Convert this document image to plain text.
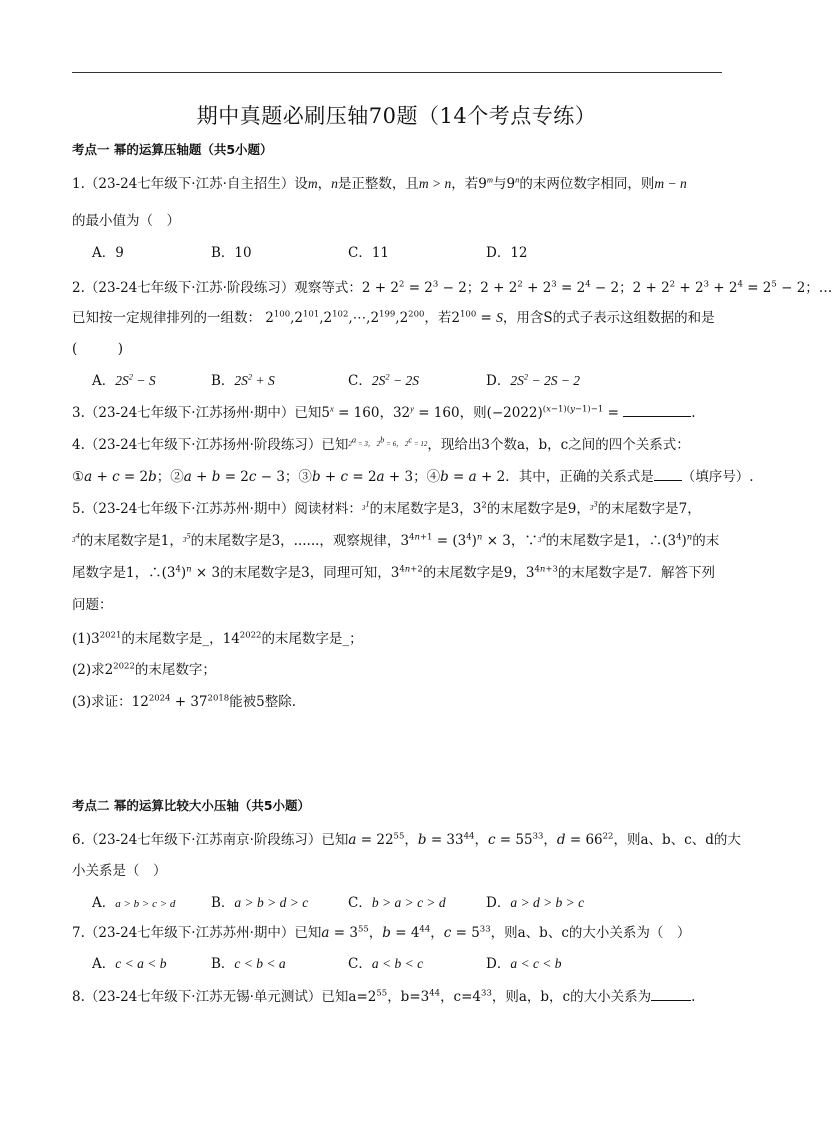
期中真题必刷压轴70题（14个考点专练）
考点一 幂的运算压轴题（共5小题）
1.（23-24七年级下·江苏·自主招生）设m，n是正整数，且m > n，若9$^m$与9$^n$的末两位数字相同，则m − n
的最小值为（　）
A．9	B．10	C．11	D．12
2.（23-24七年级下·江苏·阶段练习）观察等式：$2 + 2^2 = 2^3 - 2$；$2 + 2^2 + 2^3 = 2^4 - 2$；$2 + 2^2 + 2^3 + 2^4 = 2^5 - 2$；…
已知按一定规律排列的一组数： $2^{100},2^{101},2^{102},\cdots,2^{199},2^{200}$，若$2^{100} = S$，用含S的式子表示这组数据的和是
(　　　)
A．$2S^2 - S$	B．$2S^2 + S$	C．$2S^2 - 2S$	D．$2S^2 - 2S - 2$
3.（23-24七年级下·江苏扬州·期中）已知$5^x = 160$，$32^y = 160$，则$(-2022)^{(x-1)(y-1)-1}$ =	.
4.（23-24七年级下·江苏扬州·阶段练习）已知$^{2^a = 3, 2^b = 6, 2^c = 12}$，现给出3个数a，b，c之间的四个关系式：
①a + c = 2b；②a + b = 2c − 3；③b + c = 2a + 3；④b = a + 2．其中，正确的关系式是 （填序号）.
5.（23-24七年级下·江苏苏州·期中）阅读材料：$^{3^1}$的末尾数字是3，$3^2$的末尾数字是9，$^{3^3}$的末尾数字是7，
$^{3^4}$的末尾数字是1，$^{3^5}$的末尾数字是3，......，观察规律，$3^{4n+1} = (3^4)^n \times 3$，∵$^{3^4}$的末尾数字是1，$\therefore(3^4)^n$的末
尾数字是1，$\therefore(3^4)^n \times 3$的末尾数字是3，同理可知，$3^{4n+2}$的末尾数字是9，$3^{4n+3}$的末尾数字是7．解答下列
问题：
$(1)3^{2021}$的末尾数字是_，$14^{2022}$的末尾数字是_；
(2)求$2^{2022}$的末尾数字；
(3)求证：$12^{2024} + 37^{2018}$能被5整除.
考点二 幂的运算比较大小压轴（共5小题）
6.（23-24七年级下·江苏南京·阶段练习）已知$a = 22^{55}$，$b = 33^{44}$，$c = 55^{33}$，$d = 66^{22}$，则a、b、c、d的大
小关系是（　）
A．a > b > c > d	B．a > b > d > c	C．b > a > c > d	D．a > d > b > c
7.（23-24七年级下·江苏苏州·期中）已知$a = 3^{55}$，$b = 4^{44}$，$c = 5^{33}$，则a、b、c的大小关系为（　）
A．c < a < b	B．c < b < a	C．a < b < c	D．a < c < b
8.（23-24七年级下·江苏无锡·单元测试）已知$a=2^{55}$，$b=3^{44}$，$c=4^{33}$，则a，b，c的大小关系为	.
